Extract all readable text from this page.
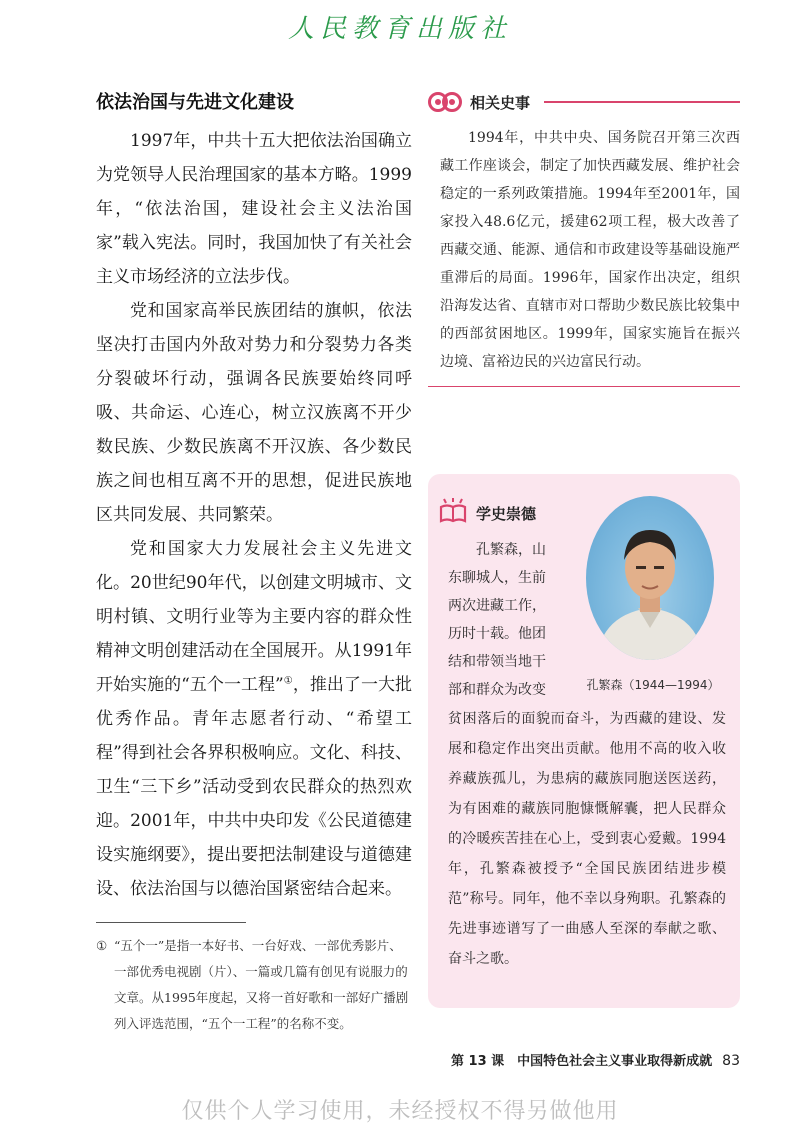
人民教育出版社
依法治国与先进文化建设

1997年，中共十五大把依法治国确立为党领导人民治理国家的基本方略。1999年，“依法治国，建设社会主义法治国家”载入宪法。同时，我国加快了有关社会主义市场经济的立法步伐。

党和国家高举民族团结的旗帜，依法坚决打击国内外敌对势力和分裂势力各类分裂破坏行动，强调各民族要始终同呼吸、共命运、心连心，树立汉族离不开少数民族、少数民族离不开汉族、各少数民族之间也相互离不开的思想，促进民族地区共同发展、共同繁荣。

党和国家大力发展社会主义先进文化。20世纪90年代，以创建文明城市、文明村镇、文明行业等为主要内容的群众性精神文明创建活动在全国展开。从1991年开始实施的“五个一工程”①，推出了一大批优秀作品。青年志愿者行动、“希望工程”得到社会各界积极响应。文化、科技、卫生“三下乡”活动受到农民群众的热烈欢迎。2001年，中共中央印发《公民道德建设实施纲要》，提出要把法制建设与道德建设、依法治国与以德治国紧密结合起来。

① “五个一”是指一本好书、一台好戏、一部优秀影片、一部优秀电视剧（片）、一篇或几篇有创见有说服力的文章。从1995年度起，又将一首好歌和一部好广播剧列入评选范围，“五个一工程”的名称不变。
相关史事

1994年，中共中央、国务院召开第三次西藏工作座谈会，制定了加快西藏发展、维护社会稳定的一系列政策措施。1994年至2001年，国家投入48.6亿元，援建62项工程，极大改善了西藏交通、能源、通信和市政建设等基础设施严重滞后的局面。1996年，国家作出决定，组织沿海发达省、直辖市对口帮助少数民族比较集中的西部贫困地区。1999年，国家实施旨在振兴边境、富裕边民的兴边富民行动。

学史崇德
孔繁森，山
东聊城人，生前
两次进藏工作，
历时十载。他团
结和带领当地干
部和群众为改变	孔繁森（1944—1994）
贫困落后的面貌而奋斗，为西藏的建设、发展和稳定作出突出贡献。他用不高的收入收养藏族孤儿，为患病的藏族同胞送医送药，为有困难的藏族同胞慷慨解囊，把人民群众的冷暖疾苦挂在心上，受到衷心爱戴。1994年，孔繁森被授予“全国民族团结进步模范”称号。同年，他不幸以身殉职。孔繁森的先进事迹谱写了一曲感人至深的奉献之歌、奋斗之歌。
第 13 课　中国特色社会主义事业取得新成就 83
仅供个人学习使用，未经授权不得另做他用
